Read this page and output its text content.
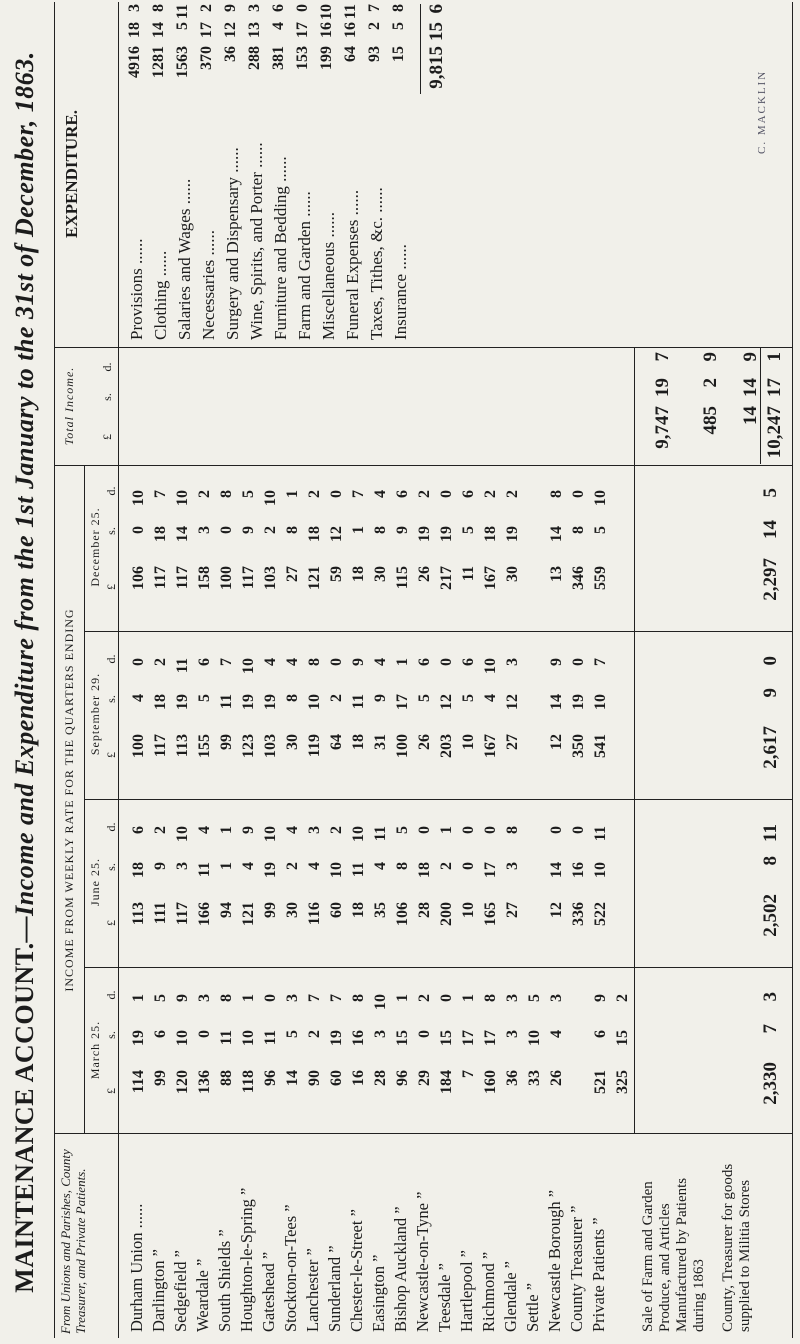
MAINTENANCE ACCOUNT.—Income and Expenditure from the 1st January to the 31st of December, 1863.
From Unions and Parishes, County Treasurer, and Private Patients.
INCOME FROM WEEKLY RATE FOR THE QUARTERS ENDING
March 25.
June 25.
September 29.
December 25.
Total Income.
EXPENDITURE.
Durham Union ......
Darlington ”
Sedgefield ”
Weardale ” South Shields ” Houghton-le-Spring ”
Gateshead ” Stockton-on-Tees ”
Lanchester ”
Sunderland ” Chester-le-Street ”
Easington ” Bishop Auckland ” Newcastle-on-Tyne ”
Teesdale ” Hartlepool ”
Richmond ”
Glendale ”
Settle ” Newcastle Borough ”
County Treasurer ”
Private Patients ” Sale of Farm and Garden Produce, and Articles Manufactured by Patients during 1863 County, Treasurer for goods supplied to Militia Stores
Provisions ......
Clothing ...... Salaries and Wages ......
Necessaries ...... Surgery and Dispensary ......
Wine, Spirits, and Porter ......
Furniture and Bedding ......
Farm and Garden ......
Miscellaneous ...... Funeral Expenses ......
Taxes, Tithes, &c. ......
Insurance ......
C. MACKLIN
£
s.
d.
£
s.
d.
£
s.
d.
£
s.
d.
£
s.
d.
114
19
1
99
6
5
120
10
9
136
0
3
88
11
8
118
10
1
96
11
0
14
5
3
90
2
7
60
19
7
16
16
8
28
3
10
96
15
1
29
0
2
184
15
0
7
17
1
160
17
8
36
3
3
33
10
5
26
4
3
521
6
9
325
15
2
2,330
7
3
113
18
6
111
9
2
117
3
10
166
11
4
94
1
1
121
4
9
99
19
10
30
2
4
116
4
3
60
10
2
18
11
10
35
4
11
106
8
5
28
18
0
200
2
1
10
0
0
165
17
0
27
3
8
12
14
0
336
16
0
522
10
11
2,502
8
11
100
4
0
117
18
2
113
19
11
155
5
6
99
11
7
123
19
10
103
19
4
30
8
4
119
10
8
64
2
0
18
11
9
31
9
4
100
17
1
26
5
6
203
12
0
10
5
6
167
4
10
27
12
3
12
14
9
350
19
0
541
10
7
2,617
9
0
106
0
10
117
18
7
117
14
10
158
3
2
100
0
8
117
9
5
103
2
10
27
8
1
121
18
2
59
12
0
18
1
7
30
8
4
115
9
6
26
19
2
217
19
0
11
5
6
167
18
2
30
19
2
13
14
8
346
8
0
559
5
10
2,297
14
5
9,747
19
7
485
2
9
14
14
9
10,247
17
1
4916
18
3
1281
14
8
1563
5
11
370
17
2
36
12
9
288
13
3
381
4
6
153
17
0
199
16
10
64
16
11
93
2
7
15
5
8
9,815
15
6
